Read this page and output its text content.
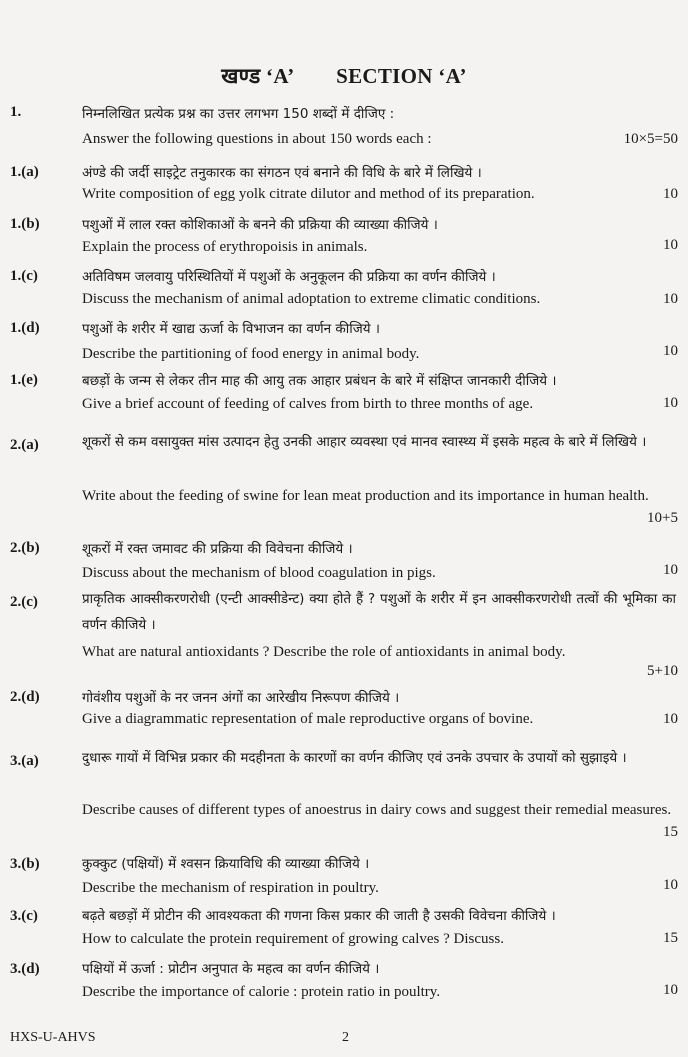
खण्ड ‘A’ SECTION ‘A’
1.	निम्नलिखित प्रत्येक प्रश्न का उत्तर लगभग 150 शब्दों में दीजिए :
Answer the following questions in about 150 words each :	10×5=50
1.(a)	अंण्डे की जर्दी साइट्रेट तनुकारक का संगठन एवं बनाने की विधि के बारे में लिखिये ।
Write composition of egg yolk citrate dilutor and method of its preparation.	10
1.(b)	पशुओं में लाल रक्त कोशिकाओं के बनने की प्रक्रिया की व्याख्या कीजिये ।
Explain the process of erythropoisis in animals.	10
1.(c)	अतिविषम जलवायु परिस्थितियों में पशुओं के अनुकूलन की प्रक्रिया का वर्णन कीजिये ।
Discuss the mechanism of animal adoptation to extreme climatic conditions.	10
1.(d)	पशुओं के शरीर में खाद्य ऊर्जा के विभाजन का वर्णन कीजिये ।
Describe the partitioning of food energy in animal body.	10
1.(e)	बछड़ों के जन्म से लेकर तीन माह की आयु तक आहार प्रबंधन के बारे में संक्षिप्त जानकारी दीजिये ।
Give a brief account of feeding of calves from birth to three months of age.	10
2.(a)	शूकरों से कम वसायुक्त मांस उत्पादन हेतु उनकी आहार व्यवस्था एवं मानव स्वास्थ्य में इसके महत्व के बारे में लिखिये ।
Write about the feeding of swine for lean meat production and its importance in human health.
10+5
2.(b)	शूकरों में रक्त जमावट की प्रक्रिया की विवेचना कीजिये ।
Discuss about the mechanism of blood coagulation in pigs.	10
2.(c)	प्राकृतिक आक्सीकरणरोधी (एन्टी आक्सीडेन्ट) क्या होते हैं ? पशुओं के शरीर में इन आक्सीकरणरोधी तत्वों की भूमिका का वर्णन कीजिये ।
What are natural antioxidants ? Describe the role of antioxidants in animal body.
5+10
2.(d)	गोवंशीय पशुओं के नर जनन अंगों का आरेखीय निरूपण कीजिये ।
Give a diagrammatic representation of male reproductive organs of bovine.	10
3.(a)	दुधारू गायों में विभिन्न प्रकार की मदहीनता के कारणों का वर्णन कीजिए एवं उनके उपचार के उपायों को सुझाइये ।
Describe causes of different types of anoestrus in dairy cows and suggest their remedial measures.
15
3.(b)	कुक्कुट (पक्षियों) में श्वसन क्रियाविधि की व्याख्या कीजिये ।
Describe the mechanism of respiration in poultry.	10
3.(c)	बढ़ते बछड़ों में प्रोटीन की आवश्यकता की गणना किस प्रकार की जाती है उसकी विवेचना कीजिये ।
How to calculate the protein requirement of growing calves ? Discuss.	15
3.(d)	पक्षियों में ऊर्जा : प्रोटीन अनुपात के महत्व का वर्णन कीजिये ।
Describe the importance of calorie : protein ratio in poultry.	10
HXS-U-AHVS	2
